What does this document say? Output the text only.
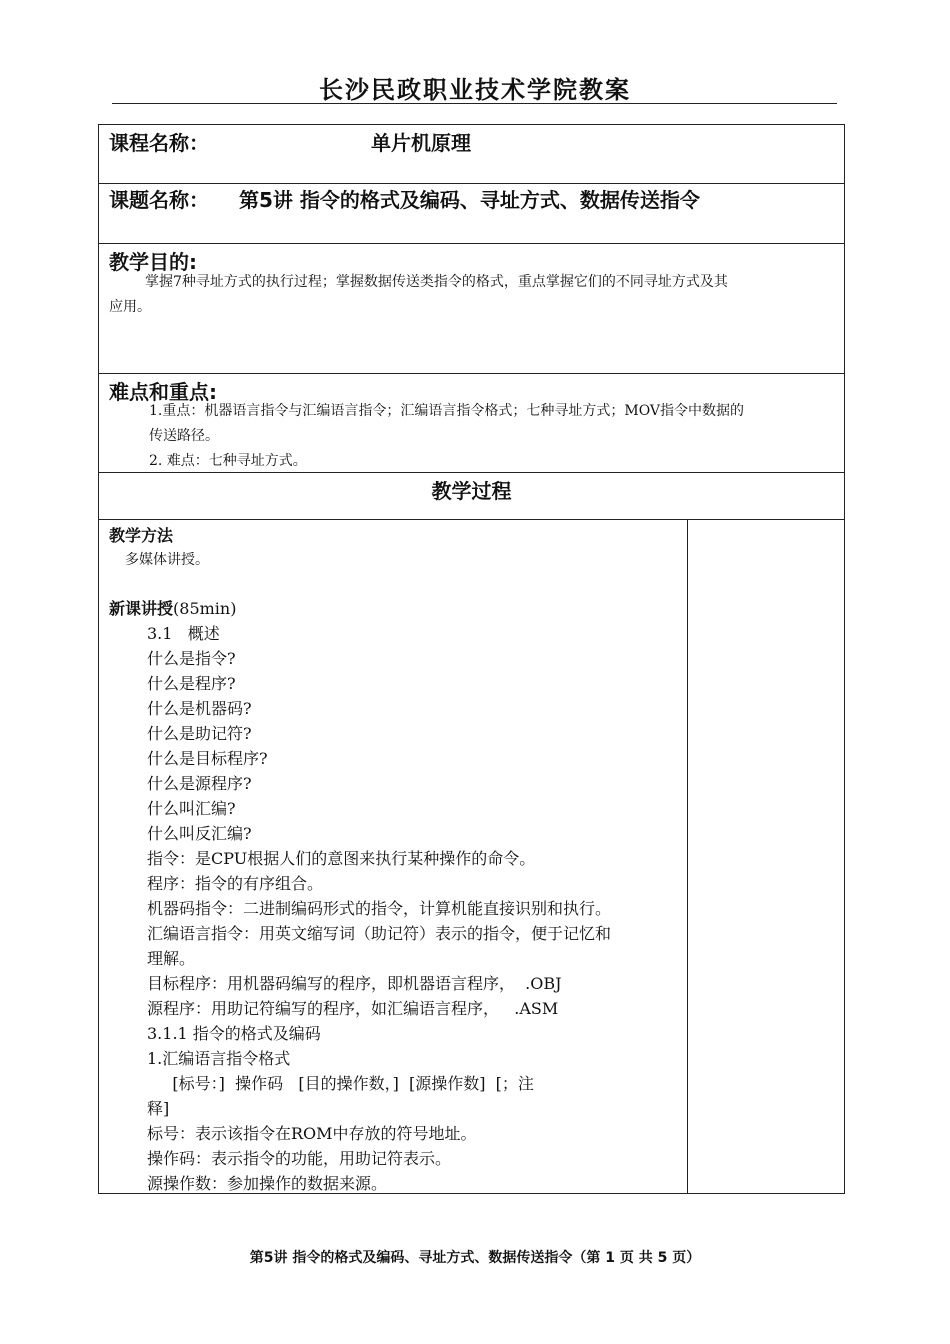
长沙民政职业技术学院教案
课程名称：	单片机原理
课题名称： 第5讲 指令的格式及编码、寻址方式、数据传送指令
教学目的:
掌握7种寻址方式的执行过程；掌握数据传送类指令的格式，重点掌握它们的不同寻址方式及其
应用。
难点和重点:
1.重点：机器语言指令与汇编语言指令；汇编语言指令格式；七种寻址方式；MOV指令中数据的
传送路径。
2. 难点：七种寻址方式。
教学过程
教学方法
多媒体讲授。
新课讲授(85min)
3.1   概述
什么是指令?
什么是程序?
什么是机器码?
什么是助记符?
什么是目标程序?
什么是源程序?
什么叫汇编?
什么叫反汇编?
指令：是CPU根据人们的意图来执行某种操作的命令。
程序：指令的有序组合。
机器码指令：二进制编码形式的指令，计算机能直接识别和执行。
汇编语言指令：用英文缩写词（助记符）表示的指令，便于记忆和
理解。
目标程序：用机器码编写的程序，即机器语言程序，  .OBJ
源程序：用助记符编写的程序，如汇编语言程序，   .ASM
3.1.1 指令的格式及编码
1.汇编语言指令格式
[标号：]  操作码   [目的操作数，]  [源操作数]  [；注
释]
标号：表示该指令在ROM中存放的符号地址。
操作码：表示指令的功能，用助记符表示。
源操作数：参加操作的数据来源。
第5讲 指令的格式及编码、寻址方式、数据传送指令（第 1 页 共 5 页）
